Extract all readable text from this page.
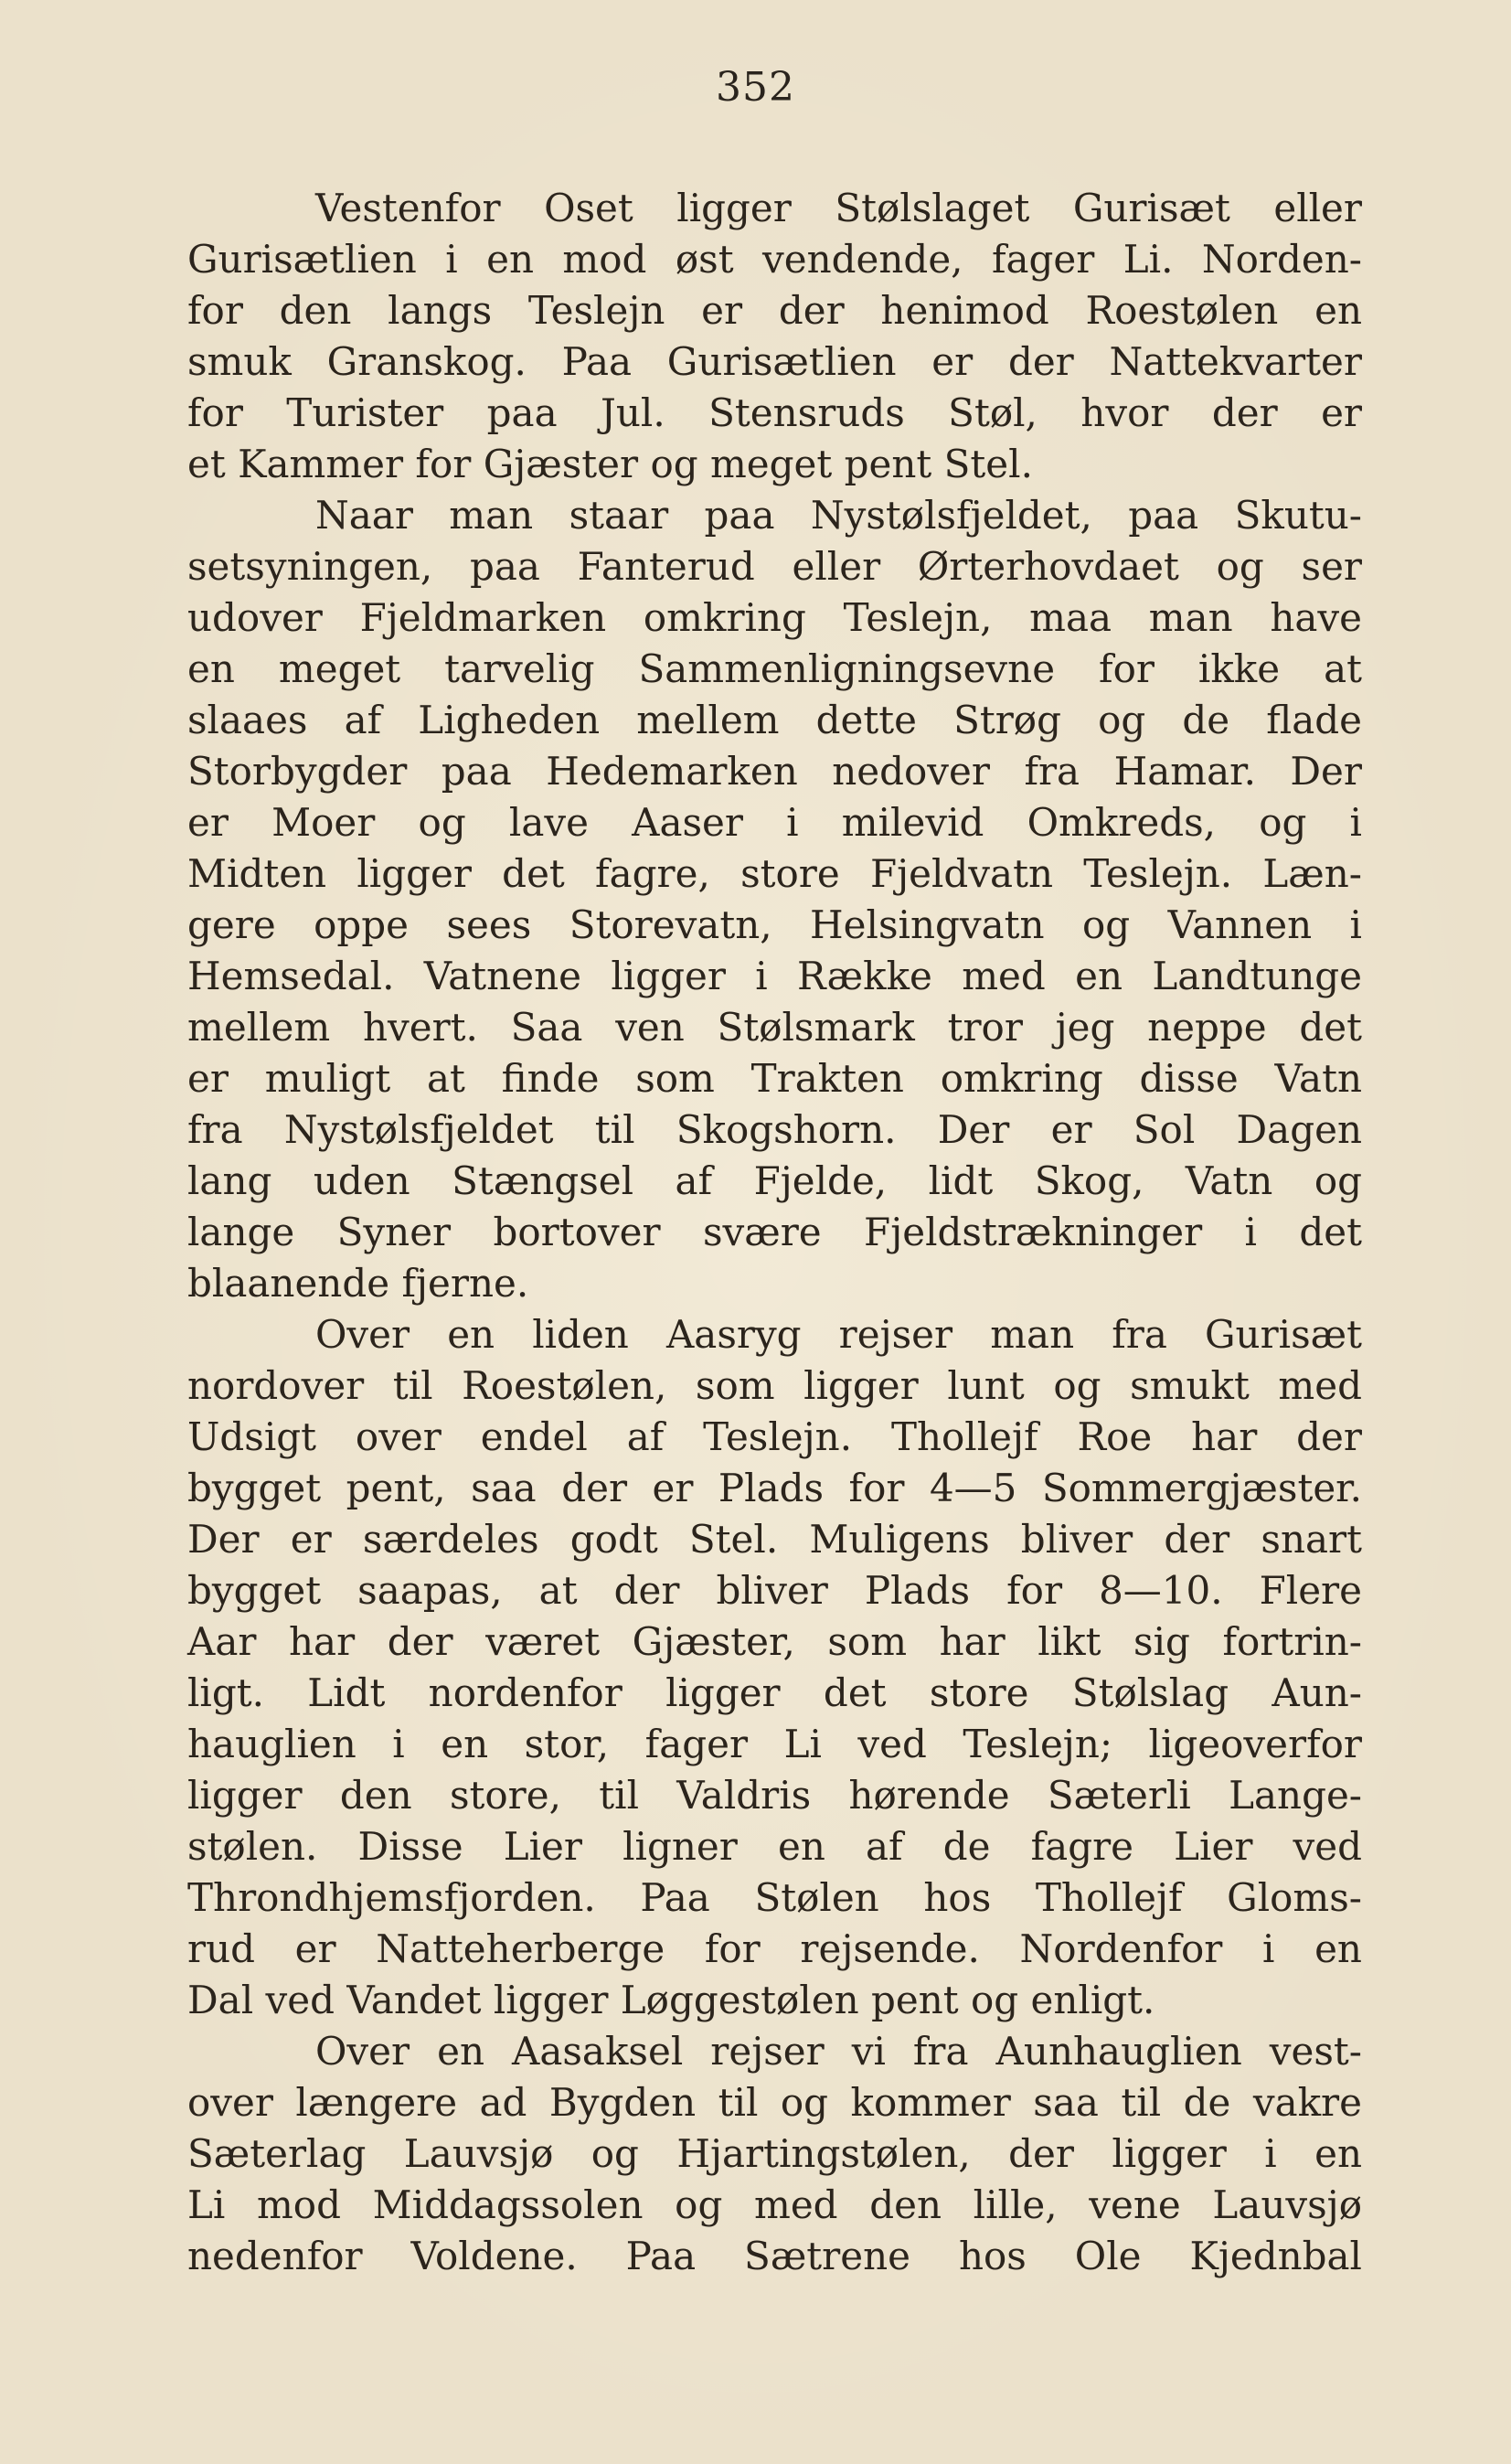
352
Vestenfor Oset ligger Stølslaget Gurisæt eller
Gurisætlien i en mod øst vendende, fager Li. Norden-
for den langs Teslejn er der henimod Roestølen en
smuk Granskog. Paa Gurisætlien er der Nattekvarter
for Turister paa Jul. Stensruds Støl, hvor der er
et Kammer for Gjæster og meget pent Stel.
Naar man staar paa Nystølsfjeldet, paa Skutu-
setsyningen, paa Fanterud eller Ørterhovdaet og ser
udover Fjeldmarken omkring Teslejn, maa man have
en meget tarvelig Sammenligningsevne for ikke at
slaaes af Ligheden mellem dette Strøg og de flade
Storbygder paa Hedemarken nedover fra Hamar. Der
er Moer og lave Aaser i milevid Omkreds, og i
Midten ligger det fagre, store Fjeldvatn Teslejn. Læn-
gere oppe sees Storevatn, Helsingvatn og Vannen i
Hemsedal. Vatnene ligger i Række med en Landtunge
mellem hvert. Saa ven Stølsmark tror jeg neppe det
er muligt at finde som Trakten omkring disse Vatn
fra Nystølsfjeldet til Skogshorn. Der er Sol Dagen
lang uden Stængsel af Fjelde, lidt Skog, Vatn og
lange Syner bortover svære Fjeldstrækninger i det
blaanende fjerne.
Over en liden Aasryg rejser man fra Gurisæt
nordover til Roestølen, som ligger lunt og smukt med
Udsigt over endel af Teslejn. Thollejf Roe har der
bygget pent, saa der er Plads for 4—5 Sommergjæster.
Der er særdeles godt Stel. Muligens bliver der snart
bygget saapas, at der bliver Plads for 8—10. Flere
Aar har der været Gjæster, som har likt sig fortrin-
ligt. Lidt nordenfor ligger det store Stølslag Aun-
hauglien i en stor, fager Li ved Teslejn; ligeoverfor
ligger den store, til Valdris hørende Sæterli Lange-
stølen. Disse Lier ligner en af de fagre Lier ved
Throndhjemsfjorden. Paa Stølen hos Thollejf Gloms-
rud er Natteherberge for rejsende. Nordenfor i en
Dal ved Vandet ligger Løggestølen pent og enligt.
Over en Aasaksel rejser vi fra Aunhauglien vest-
over længere ad Bygden til og kommer saa til de vakre
Sæterlag Lauvsjø og Hjartingstølen, der ligger i en
Li mod Middagssolen og med den lille, vene Lauvsjø
nedenfor Voldene. Paa Sætrene hos Ole Kjednbal
